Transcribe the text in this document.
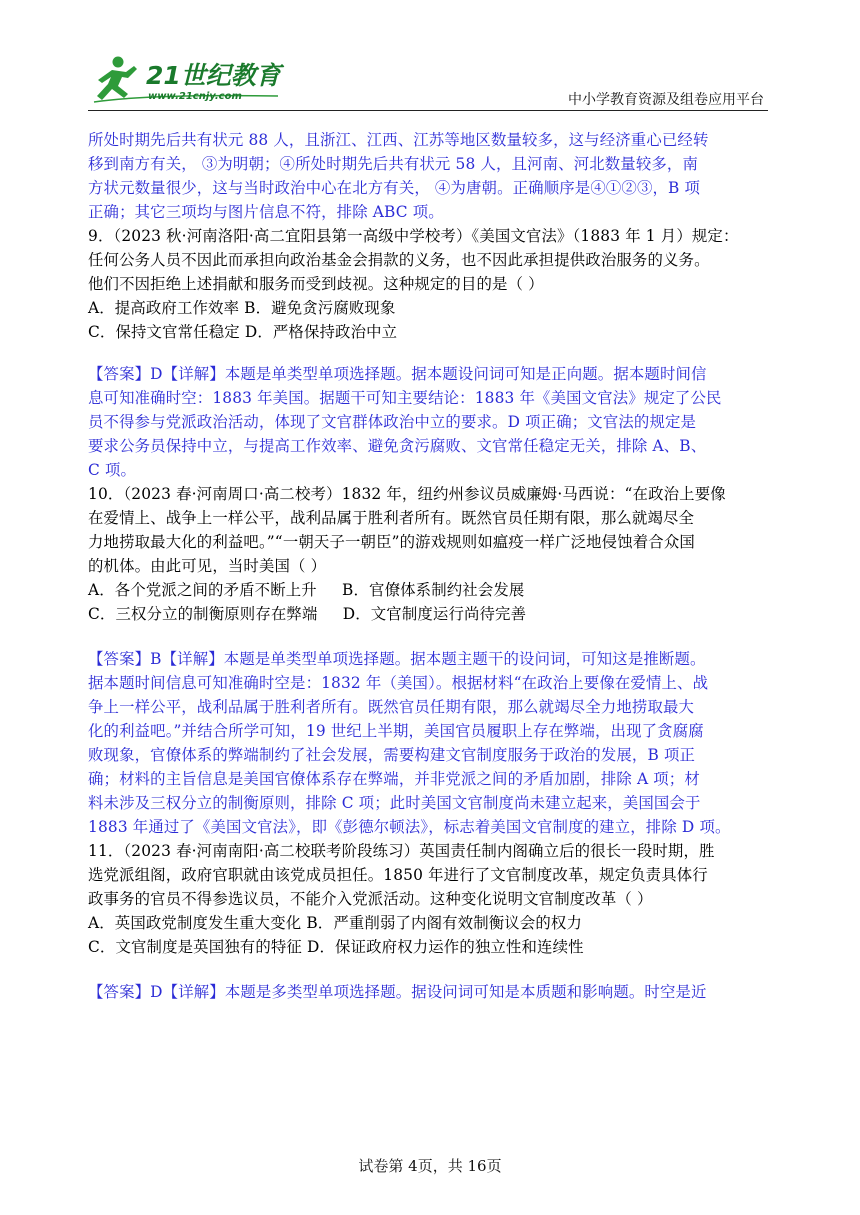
21世纪教育
www.21cnjy.com	中小学教育资源及组卷应用平台

所处时期先后共有状元 88 人，且浙江、江西、江苏等地区数量较多，这与经济重心已经转

移到南方有关， ③为明朝；④所处时期先后共有状元 58 人，且河南、河北数量较多，南

方状元数量很少，这与当时政治中心在北方有关， ④为唐朝。正确顺序是④①②③，B 项

正确；其它三项均与图片信息不符，排除 ABC 项。

9．（2023 秋·河南洛阳·高二宜阳县第一高级中学校考）《美国文官法》（1883 年 1 月）规定：

任何公务人员不因此而承担向政治基金会捐款的义务，也不因此承担提供政治服务的义务。

他们不因拒绝上述捐献和服务而受到歧视。这种规定的目的是（ ）

A．提高政府工作效率 B．避免贪污腐败现象

C．保持文官常任稳定 D．严格保持政治中立

【答案】D【详解】本题是单类型单项选择题。据本题设问词可知是正向题。据本题时间信

息可知准确时空：1883 年美国。据题干可知主要结论：1883 年《美国文官法》规定了公民

员不得参与党派政治活动，体现了文官群体政治中立的要求。D 项正确；文官法的规定是

要求公务员保持中立，与提高工作效率、避免贪污腐败、文官常任稳定无关，排除 A、B、

C 项。

10．（2023 春·河南周口·高二校考）1832 年，纽约州参议员威廉姆·马西说：“在政治上要像

在爱情上、战争上一样公平，战利品属于胜利者所有。既然官员任期有限，那么就竭尽全

力地捞取最大化的利益吧。”“一朝天子一朝臣”的游戏规则如瘟疫一样广泛地侵蚀着合众国

的机体。由此可见，当时美国（ ）

A．各个党派之间的矛盾不断上升     B．官僚体系制约社会发展

C．三权分立的制衡原则存在弊端     D．文官制度运行尚待完善

【答案】B【详解】本题是单类型单项选择题。据本题主题干的设问词，可知这是推断题。

据本题时间信息可知准确时空是：1832 年（美国）。根据材料“在政治上要像在爱情上、战

争上一样公平，战利品属于胜利者所有。既然官员任期有限，那么就竭尽全力地捞取最大

化的利益吧。”并结合所学可知，19 世纪上半期，美国官员履职上存在弊端，出现了贪腐腐

败现象，官僚体系的弊端制约了社会发展，需要构建文官制度服务于政治的发展，B 项正

确；材料的主旨信息是美国官僚体系存在弊端，并非党派之间的矛盾加剧，排除 A 项；材

料未涉及三权分立的制衡原则，排除 C 项；此时美国文官制度尚未建立起来，美国国会于

1883 年通过了《美国文官法》，即《彭德尔顿法》，标志着美国文官制度的建立，排除 D 项。

11．（2023 春·河南南阳·高二校联考阶段练习）英国责任制内阁确立后的很长一段时期，胜

选党派组阁，政府官职就由该党成员担任。1850 年进行了文官制度改革，规定负责具体行

政事务的官员不得参选议员，不能介入党派活动。这种变化说明文官制度改革（ ）

A．英国政党制度发生重大变化 B．严重削弱了内阁有效制衡议会的权力

C．文官制度是英国独有的特征 D．保证政府权力运作的独立性和连续性

【答案】D【详解】本题是多类型单项选择题。据设问词可知是本质题和影响题。时空是近

试卷第 4页，共 16页
